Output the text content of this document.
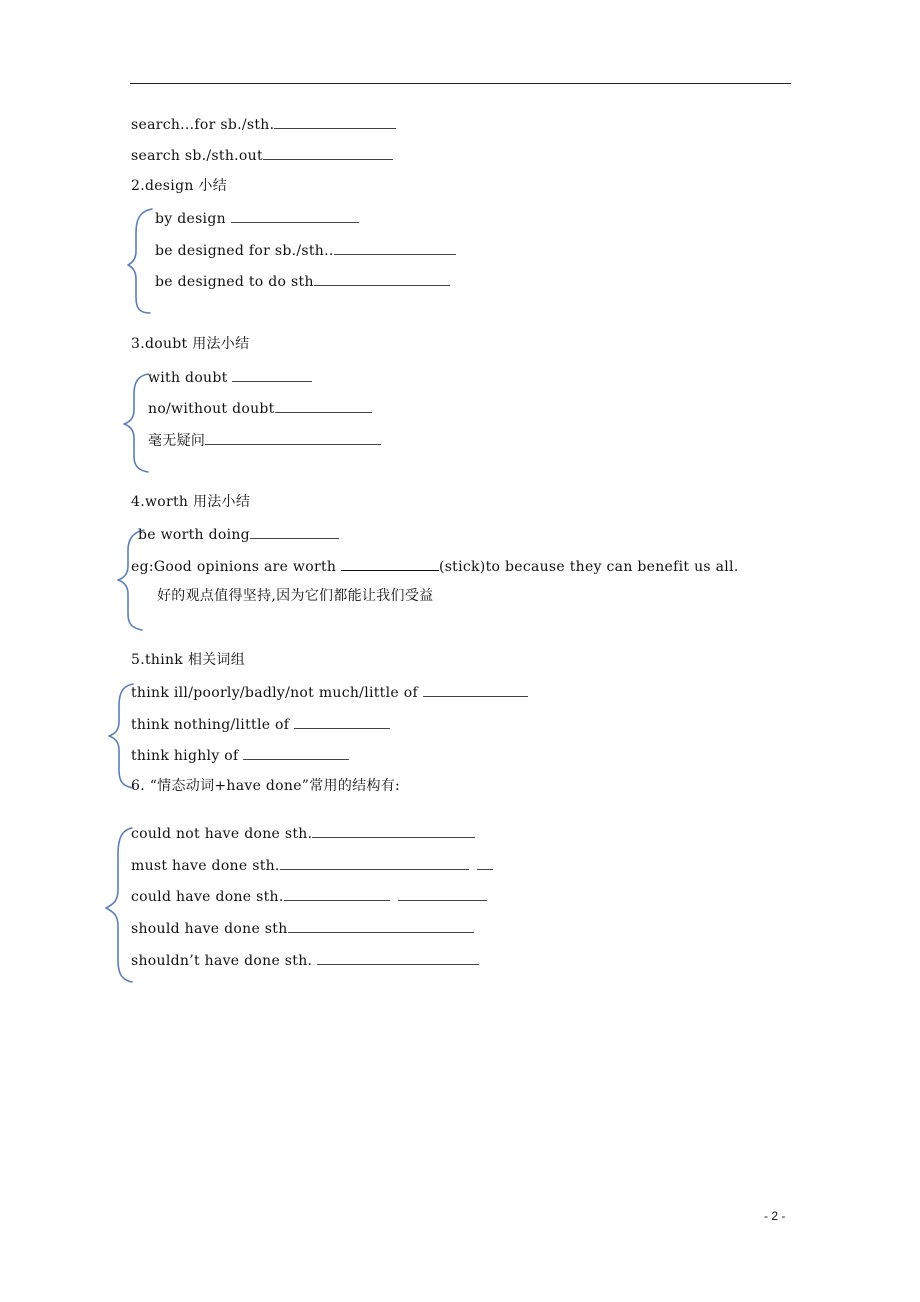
search...for sb./sth.
search sb./sth.out
2.design 小结
by design
be designed for sb./sth..
be designed to do sth
3.doubt 用法小结
with doubt
no/without doubt
毫无疑问
4.worth 用法小结
be worth doing
eg:Good opinions are worth	(stick)to because they can benefit us all.
好的观点值得坚持,因为它们都能让我们受益
5.think 相关词组
think ill/poorly/badly/not much/little of
think nothing/little of
think highly of
6. “情态动词+have done”常用的结构有:
could not have done sth.
must have done sth.
could have done sth.
should have done sth
shouldn’t have done sth.
- 2 -
